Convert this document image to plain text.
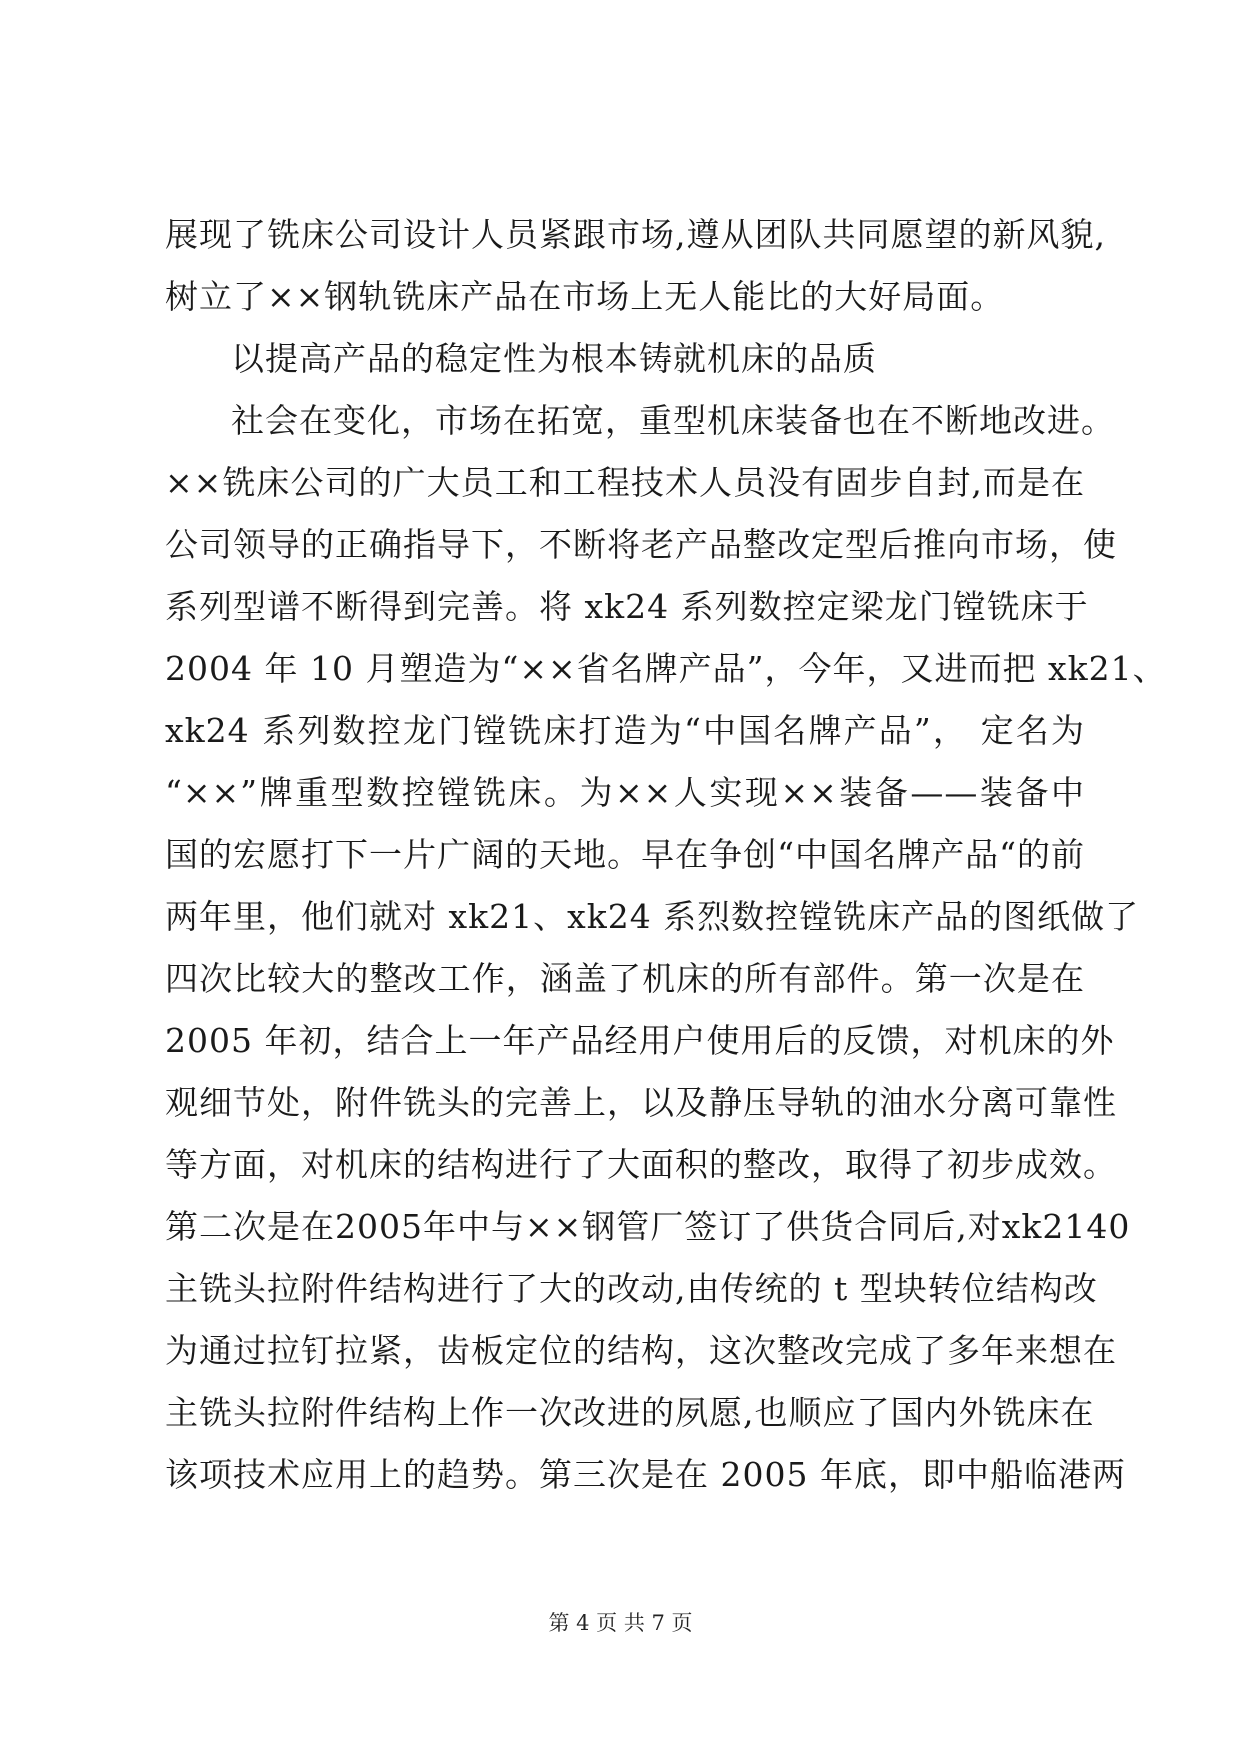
展现了铣床公司设计人员紧跟市场,遵从团队共同愿望的新风貌,
树立了××钢轨铣床产品在市场上无人能比的大好局面。
以提高产品的稳定性为根本铸就机床的品质
社会在变化，市场在拓宽，重型机床装备也在不断地改进。
××铣床公司的广大员工和工程技术人员没有固步自封,而是在
公司领导的正确指导下，不断将老产品整改定型后推向市场，使
系列型谱不断得到完善。将 xk24 系列数控定梁龙门镗铣床于
2004 年 10 月塑造为“××省名牌产品”，今年，又进而把 xk21、
xk24 系列数控龙门镗铣床打造为“中国名牌产品”， 定名为
“××”牌重型数控镗铣床。为××人实现××装备——装备中
国的宏愿打下一片广阔的天地。早在争创“中国名牌产品“的前
两年里，他们就对 xk21、xk24 系烈数控镗铣床产品的图纸做了
四次比较大的整改工作，涵盖了机床的所有部件。第一次是在
2005 年初，结合上一年产品经用户使用后的反馈，对机床的外
观细节处，附件铣头的完善上，以及静压导轨的油水分离可靠性
等方面，对机床的结构进行了大面积的整改，取得了初步成效。
第二次是在2005年中与××钢管厂签订了供货合同后,对xk2140
主铣头拉附件结构进行了大的改动,由传统的 t 型块转位结构改
为通过拉钉拉紧，齿板定位的结构，这次整改完成了多年来想在
主铣头拉附件结构上作一次改进的夙愿,也顺应了国内外铣床在
该项技术应用上的趋势。第三次是在 2005 年底，即中船临港两
第 4 页 共 7 页
